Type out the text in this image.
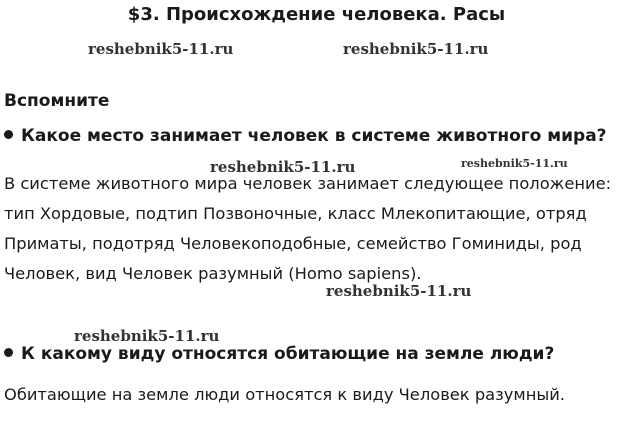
$3. Происхождение человека. Расы
reshebnik5-11.ru	reshebnik5-11.ru
Вспомните
Какое место занимает человек в системе животного мира?
reshebnik5-11.ru	reshebnik5-11.ru
В системе животного мира человек занимает следующее положение:
тип Хордовые, подтип Позвоночные, класс Млекопитающие, отряд
Приматы, подотряд Человекоподобные, семейство Гоминиды, род
Человек, вид Человек разумный (Homo sapiens).
reshebnik5-11.ru
reshebnik5-11.ru
К какому виду относятся обитающие на земле люди?
Обитающие на земле люди относятся к виду Человек разумный.
